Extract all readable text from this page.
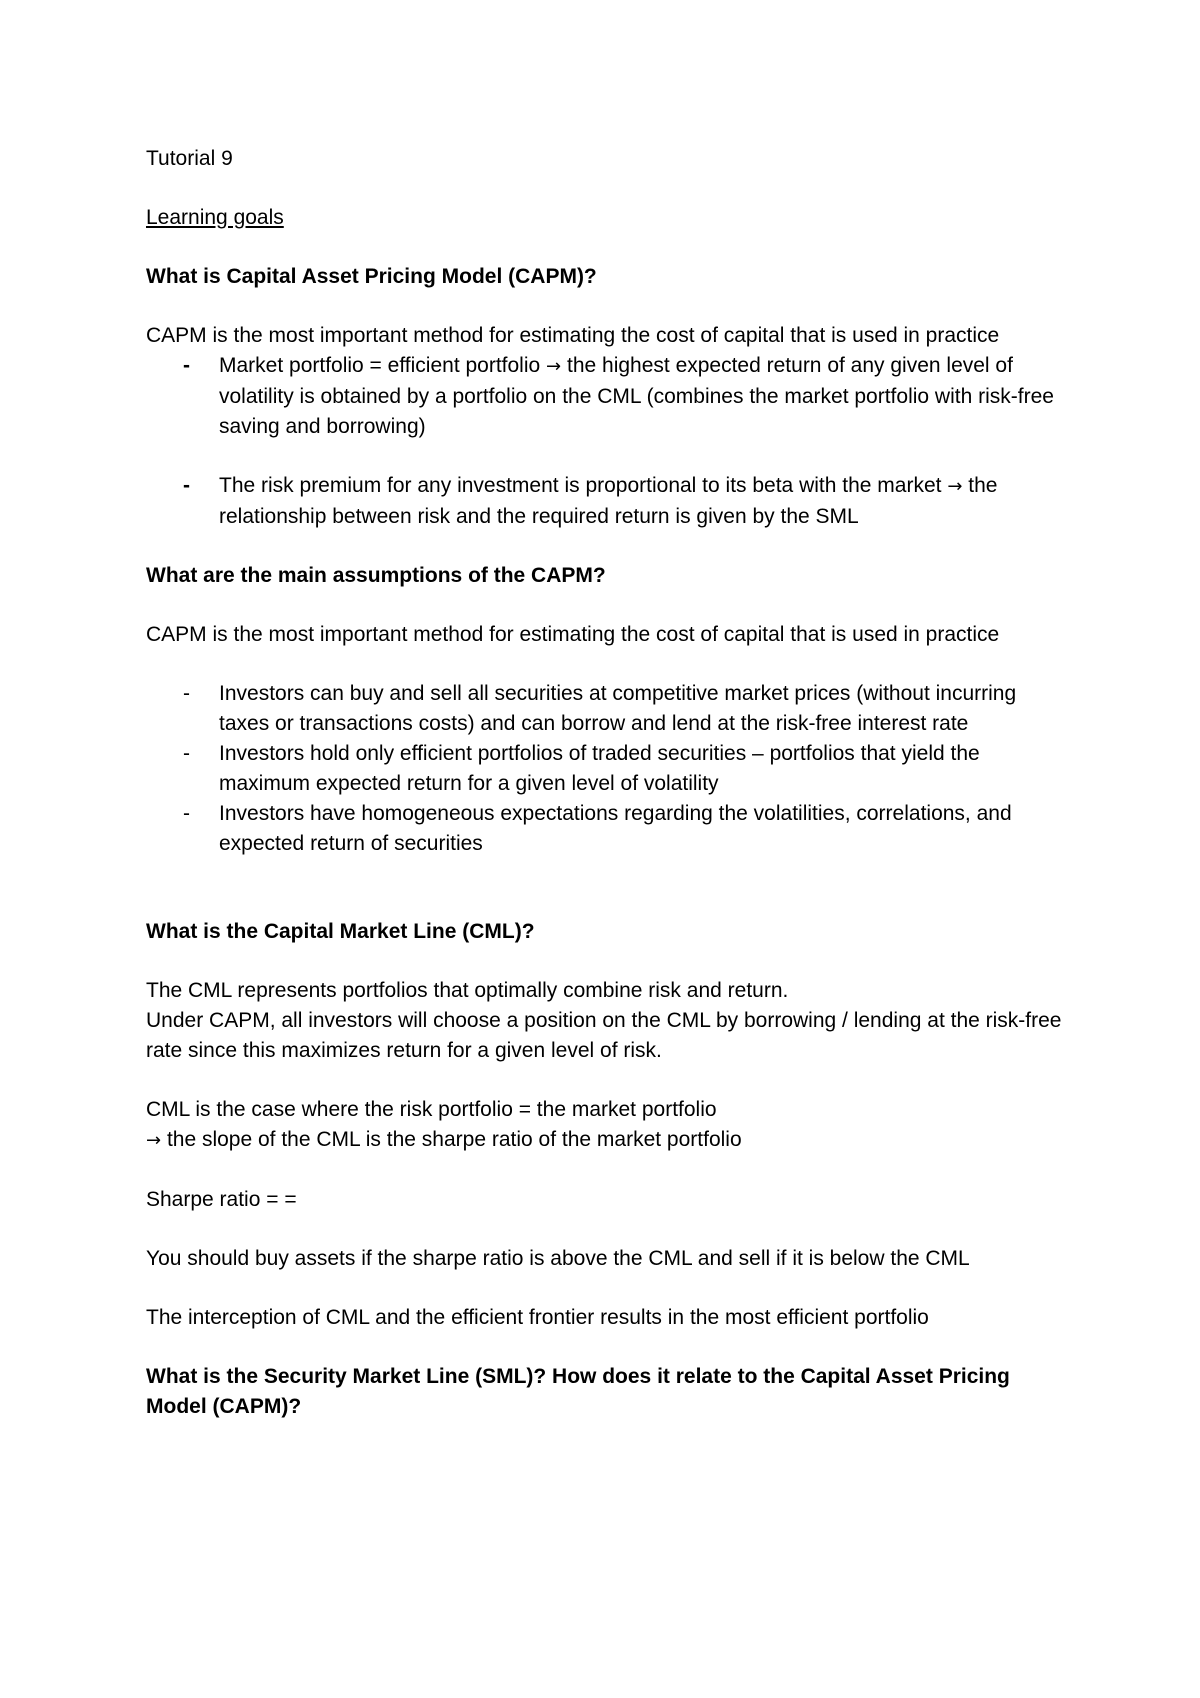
Tutorial 9

Learning goals

What is Capital Asset Pricing Model (CAPM)?

CAPM is the most important method for estimating the cost of capital that is used in practice

- Market portfolio = efficient portfolio → the highest expected return of any given level of volatility is obtained by a portfolio on the CML (combines the market portfolio with risk-free saving and borrowing)
- The risk premium for any investment is proportional to its beta with the market → the relationship between risk and the required return is given by the SML

What are the main assumptions of the CAPM?

CAPM is the most important method for estimating the cost of capital that is used in practice

- Investors can buy and sell all securities at competitive market prices (without incurring taxes or transactions costs) and can borrow and lend at the risk-free interest rate
- Investors hold only efficient portfolios of traded securities – portfolios that yield the maximum expected return for a given level of volatility
- Investors have homogeneous expectations regarding the volatilities, correlations, and expected return of securities

What is the Capital Market Line (CML)?

The CML represents portfolios that optimally combine risk and return.

Under CAPM, all investors will choose a position on the CML by borrowing / lending at the risk-free rate since this maximizes return for a given level of risk.

CML is the case where the risk portfolio = the market portfolio

→ the slope of the CML is the sharpe ratio of the market portfolio

Sharpe ratio = =

You should buy assets if the sharpe ratio is above the CML and sell if it is below the CML

The interception of CML and the efficient frontier results in the most efficient portfolio

What is the Security Market Line (SML)? How does it relate to the Capital Asset Pricing Model (CAPM)?
